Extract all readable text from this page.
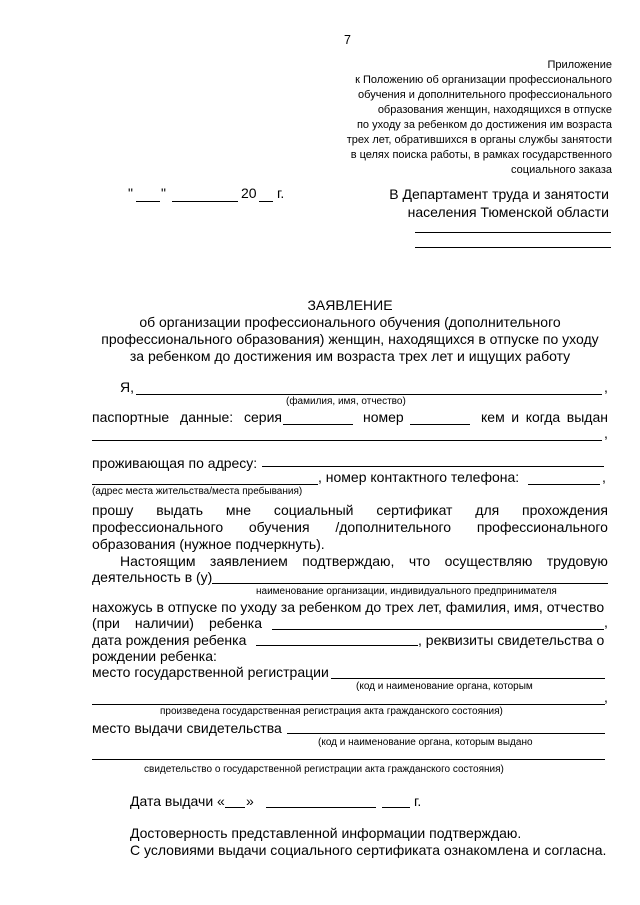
7
Приложение
к Положению об организации профессионального
обучения и дополнительного профессионального
образования женщин, находящихся в отпуске
по уходу за ребенком до достижения им возраста
трех лет, обратившихся в органы службы занятости
в целях поиска работы, в рамках государственного
социального заказа
" "	20 г.	В Департамент труда и занятости
населения Тюменской области
ЗАЯВЛЕНИЕ
об организации профессионального обучения (дополнительного
профессионального образования) женщин, находящихся в отпуске по уходу
за ребенком до достижения им возраста трех лет и ищущих работу
Я,	,
(фамилия, имя, отчество)
паспортные данные: серия	номер	кем и когда выдан
,
проживающая по адресу:
, номер контактного телефона:	,
(адрес места жительства/места пребывания)
прошу выдать мне социальный сертификат для прохождения
профессионального обучения /дополнительного профессионального
образования (нужное подчеркнуть).
Настоящим заявлением подтверждаю, что осуществляю трудовую
деятельность в (у)
наименование организации, индивидуального предпринимателя
нахожусь в отпуске по уходу за ребенком до трех лет, фамилия, имя, отчество
(при наличии) ребенка	,
дата рождения ребенка	, реквизиты свидетельства о
рождении ребенка:
место государственной регистрации
(код и наименование органа, которым
,
произведена государственная регистрация акта гражданского состояния)
место выдачи свидетельства
(код и наименование органа, которым выдано
свидетельство о государственной регистрации акта гражданского состояния)
Дата выдачи « »	г.
Достоверность представленной информации подтверждаю.
С условиями выдачи социального сертификата ознакомлена и согласна.
